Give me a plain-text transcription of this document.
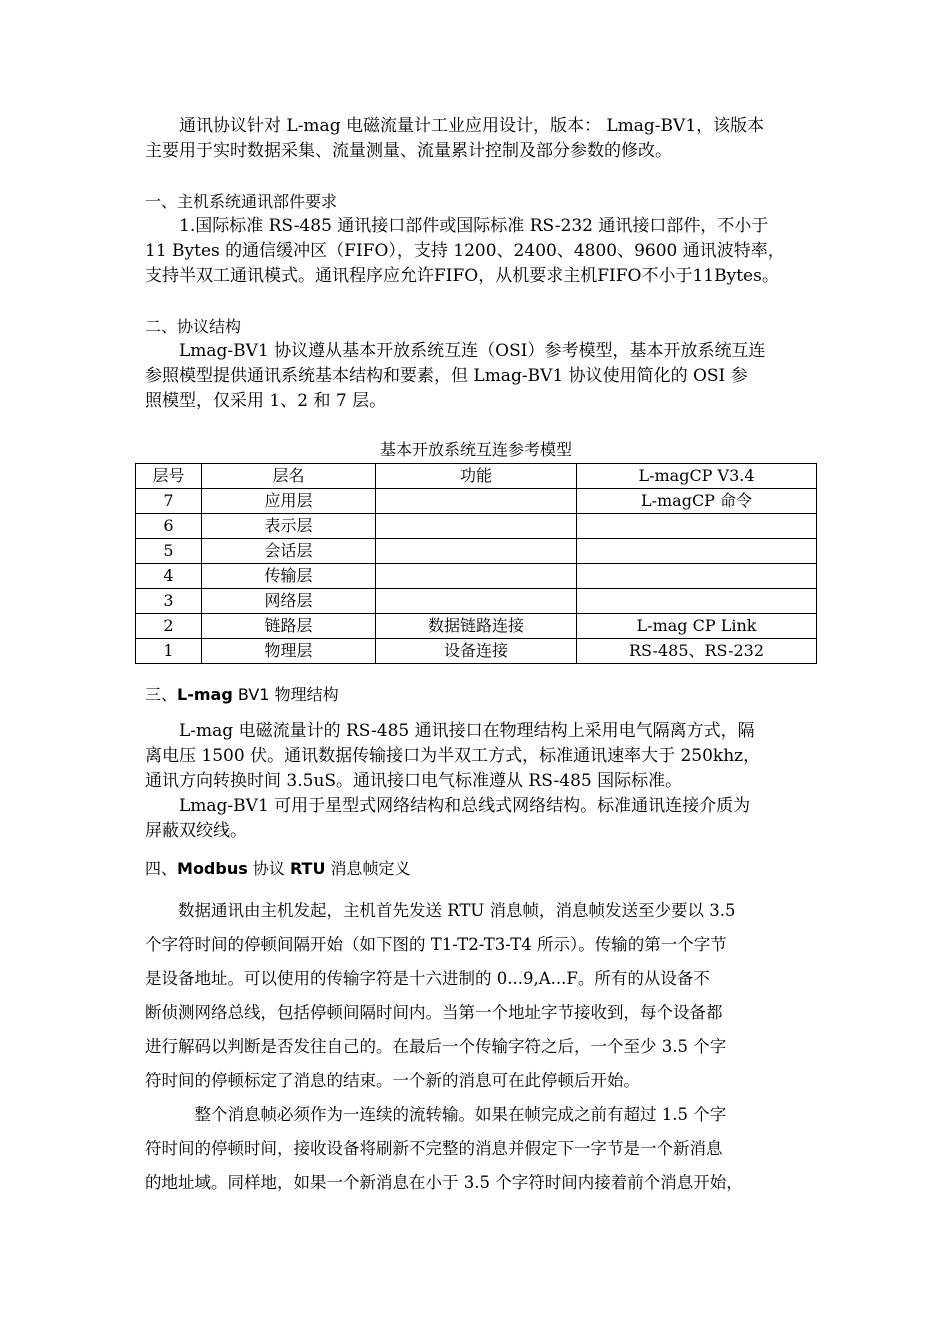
　　通讯协议针对 L-mag 电磁流量计工业应用设计，版本： Lmag-BV1，该版本
主要用于实时数据采集、流量测量、流量累计控制及部分参数的修改。
一、主机系统通讯部件要求
　　1.国际标准 RS-485 通讯接口部件或国际标准 RS-232 通讯接口部件，不小于
11 Bytes 的通信缓冲区（FIFO），支持 1200、2400、4800、9600 通讯波特率，
支持半双工通讯模式。通讯程序应允许FIFO，从机要求主机FIFO不小于11Bytes。
二、协议结构
　　Lmag-BV1 协议遵从基本开放系统互连（OSI）参考模型，基本开放系统互连
参照模型提供通讯系统基本结构和要素，但 Lmag-BV1 协议使用简化的 OSI 参
照模型，仅采用 1、2 和 7 层。
基本开放系统互连参考模型
层号	层名	功能	L-magCP V3.4
7	应用层		L-magCP 命令
6	表示层		
5	会话层		
4	传输层		
3	网络层		
2	链路层	数据链路连接	L-mag CP Link
1	物理层	设备连接	RS-485、RS-232
三、L-mag BV1 物理结构
　　L-mag 电磁流量计的 RS-485 通讯接口在物理结构上采用电气隔离方式，隔
离电压 1500 伏。通讯数据传输接口为半双工方式，标准通讯速率大于 250khz，
通讯方向转换时间 3.5uS。通讯接口电气标准遵从 RS-485 国际标准。
　　Lmag-BV1 可用于星型式网络结构和总线式网络结构。标准通讯连接介质为
屏蔽双绞线。
四、Modbus 协议 RTU 消息帧定义
　　数据通讯由主机发起，主机首先发送 RTU 消息帧，消息帧发送至少要以 3.5
个字符时间的停顿间隔开始（如下图的 T1-T2-T3-T4 所示）。传输的第一个字节
是设备地址。可以使用的传输字符是十六进制的 0...9,A...F。所有的从设备不
断侦测网络总线，包括停顿间隔时间内。当第一个地址字节接收到，每个设备都
进行解码以判断是否发往自己的。在最后一个传输字符之后，一个至少 3.5 个字
符时间的停顿标定了消息的结束。一个新的消息可在此停顿后开始。
　　　整个消息帧必须作为一连续的流转输。如果在帧完成之前有超过 1.5 个字
符时间的停顿时间，接收设备将刷新不完整的消息并假定下一字节是一个新消息
的地址域。同样地，如果一个新消息在小于 3.5 个字符时间内接着前个消息开始，
